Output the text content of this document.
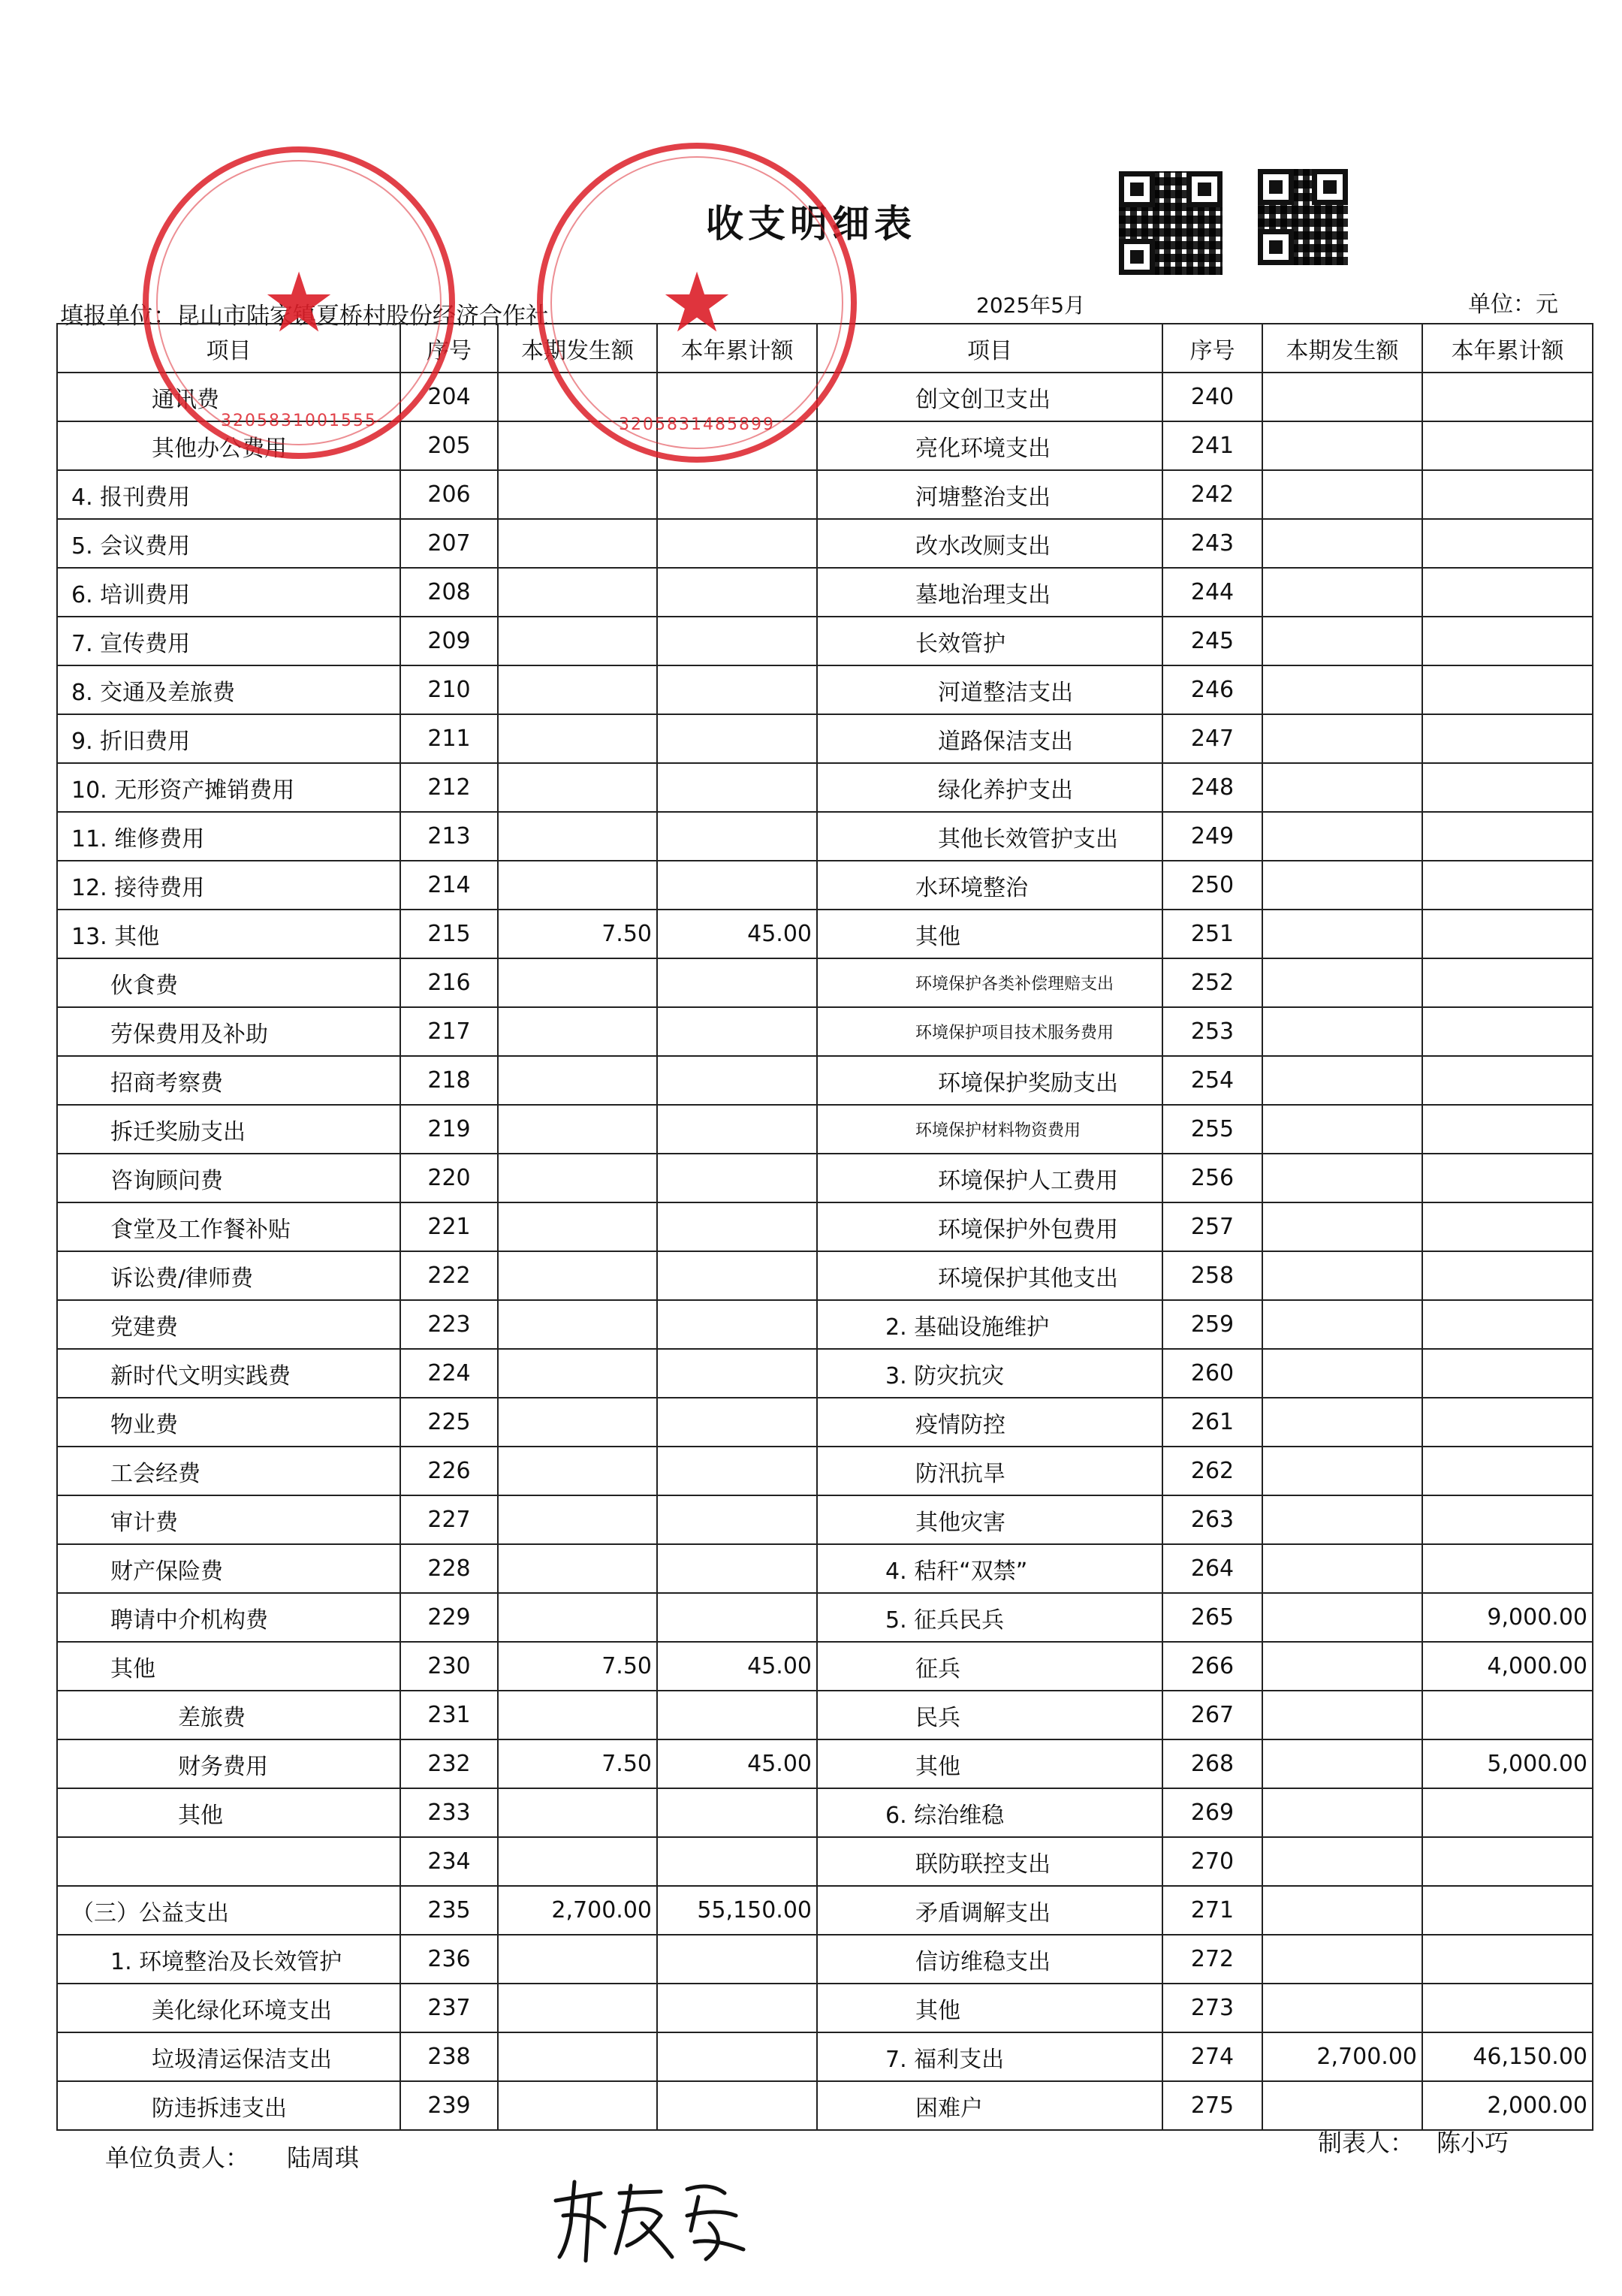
收支明细表
填报单位：昆山市陆家镇夏桥村股份经济合作社	2025年5月	单位：元
项目	序号	本期发生额	本年累计额	项目	序号	本期发生额	本年累计额
通讯费	204			创文创卫支出	240		
其他办公费用	205			亮化环境支出	241		
4. 报刊费用	206			河塘整治支出	242		
5. 会议费用	207			改水改厕支出	243		
6. 培训费用	208			墓地治理支出	244		
7. 宣传费用	209			长效管护	245		
8. 交通及差旅费	210			河道整洁支出	246		
9. 折旧费用	211			道路保洁支出	247		
10. 无形资产摊销费用	212			绿化养护支出	248		
11. 维修费用	213			其他长效管护支出	249		
12. 接待费用	214			水环境整治	250		
13. 其他	215	7.50	45.00	其他	251		
伙食费	216			环境保护各类补偿理赔支出	252		
劳保费用及补助	217			环境保护项目技术服务费用	253		
招商考察费	218			环境保护奖励支出	254		
拆迁奖励支出	219			环境保护材料物资费用	255		
咨询顾问费	220			环境保护人工费用	256		
食堂及工作餐补贴	221			环境保护外包费用	257		
诉讼费/律师费	222			环境保护其他支出	258		
党建费	223			2. 基础设施维护	259		
新时代文明实践费	224			3. 防灾抗灾	260		
物业费	225			疫情防控	261		
工会经费	226			防汛抗旱	262		
审计费	227			其他灾害	263		
财产保险费	228			4. 秸秆“双禁”	264		
聘请中介机构费	229			5. 征兵民兵	265		9,000.00
其他	230	7.50	45.00	征兵	266		4,000.00
差旅费	231			民兵	267		
财务费用	232	7.50	45.00	其他	268		5,000.00
其他	233			6. 综治维稳	269		
	234			联防联控支出	270		
（三）公益支出	235	2,700.00	55,150.00	矛盾调解支出	271		
1. 环境整治及长效管护	236			信访维稳支出	272		
美化绿化环境支出	237			其他	273		
垃圾清运保洁支出	238			7. 福利支出	274	2,700.00	46,150.00
防违拆违支出	239			困难户	275		2,000.00
★
3205831001555
★
3205831485899
单位负责人： 陆周琪
制表人： 陈小巧
